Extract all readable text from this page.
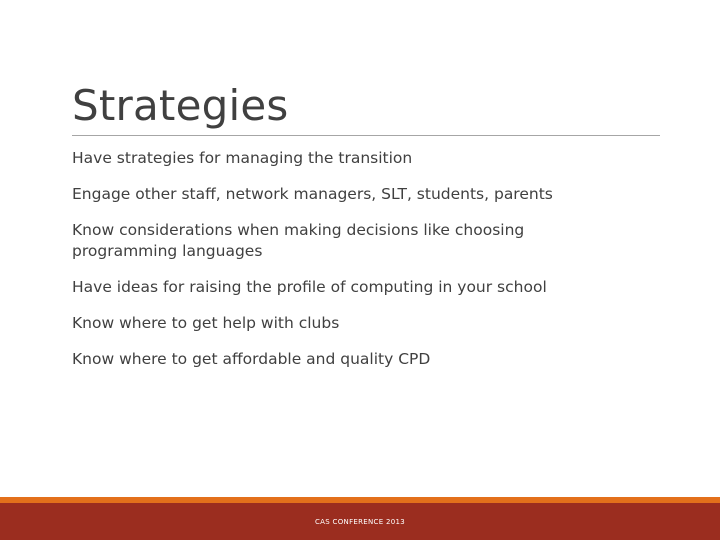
Strategies
Have strategies for managing the transition
Engage other staff, network managers, SLT, students, parents
Know considerations when making decisions like choosing programming languages
Have ideas for raising the profile of computing in your school
Know where to get help with clubs
Know where to get affordable and quality CPD
CAS CONFERENCE 2013
